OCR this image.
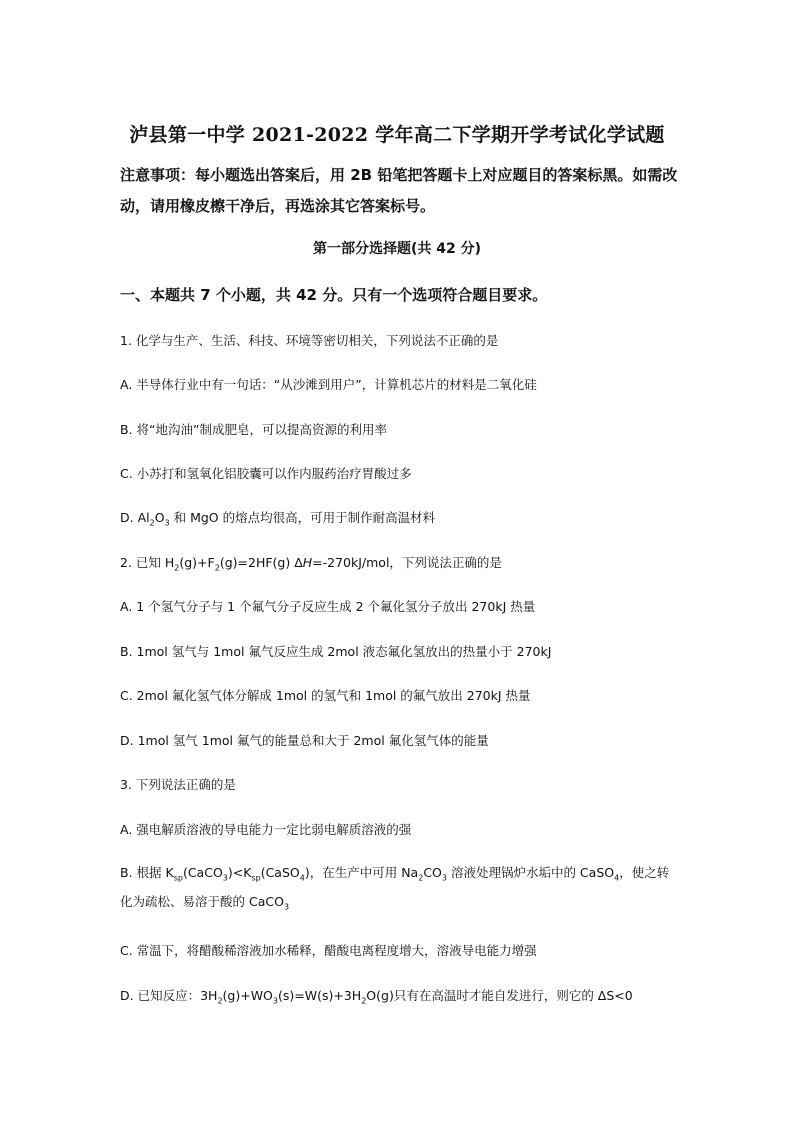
泸县第一中学 2021-2022 学年高二下学期开学考试化学试题
注意事项：每小题选出答案后，用 2B 铅笔把答题卡上对应题目的答案标黑。如需改动，请用橡皮檫干净后，再选涂其它答案标号。
第一部分选择题(共 42 分)
一、本题共 7 个小题，共 42 分。只有一个选项符合题目要求。
1. 化学与生产、生活、科技、环境等密切相关，下列说法不正确的是
A. 半导体行业中有一句话：“从沙滩到用户”，计算机芯片的材料是二氧化硅
B. 将“地沟油”制成肥皂，可以提高资源的利用率
C. 小苏打和氢氧化铝胶囊可以作内服药治疗胃酸过多
D. $Al_2O_3$ 和 MgO 的熔点均很高，可用于制作耐高温材料
2. 已知 $H_2(g)+F_2(g)=2HF(g)$ ΔH=-270kJ/mol，下列说法正确的是
A. 1 个氢气分子与 1 个氟气分子反应生成 2 个氟化氢分子放出 270kJ 热量
B. 1mol 氢气与 1mol 氟气反应生成 2mol 液态氟化氢放出的热量小于 270kJ
C. 2mol 氟化氢气体分解成 1mol 的氢气和 1mol 的氟气放出 270kJ 热量
D. 1mol 氢气 1mol 氟气的能量总和大于 2mol 氟化氢气体的能量
3. 下列说法正确的是
A. 强电解质溶液的导电能力一定比弱电解质溶液的强
B. 根据 $K_{sp}(CaCO_3)<K_{sp}(CaSO_4)$，在生产中可用 $Na_2CO_3$ 溶液处理锅炉水垢中的 CaSO$_4$，使之转化为疏松、易溶于酸的 CaCO$_3$
C. 常温下，将醋酸稀溶液加水稀释，醋酸电离程度增大，溶液导电能力增强
D. 已知反应：$3H_2(g)+WO_3(s)=W(s)+3H_2O(g)$只有在高温时才能自发进行，则它的 ΔS<0
